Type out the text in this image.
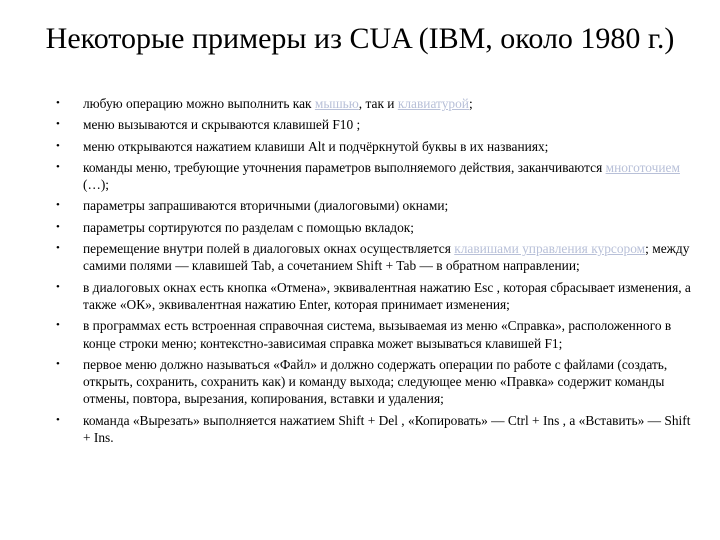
Некоторые примеры из CUA (IBM, около 1980 г.)
• любую операцию можно выполнить как мышью, так и клавиатурой;
• меню вызываются и скрываются клавишей F10 ;
• меню открываются нажатием клавиши Alt и подчёркнутой буквы в их названиях;
• команды меню, требующие уточнения параметров выполняемого действия, заканчиваются многоточием (…);
• параметры запрашиваются вторичными (диалоговыми) окнами;
• параметры сортируются по разделам с помощью вкладок;
• перемещение внутри полей в диалоговых окнах осуществляется клавишами управления курсором; между самими полями — клавишей Tab, а сочетанием Shift + Tab — в обратном направлении;
• в диалоговых окнах есть кнопка «Отмена», эквивалентная нажатию Esc , которая сбрасывает изменения, а также «ОК», эквивалентная нажатию Enter, которая принимает изменения;
• в программах есть встроенная справочная система, вызываемая из меню «Справка», расположенного в конце строки меню; контекстно-зависимая справка может вызываться клавишей F1;
• первое меню должно называться «Файл» и должно содержать операции по работе с файлами (создать, открыть, сохранить, сохранить как) и команду выхода; следующее меню «Правка» содержит команды отмены, повтора, вырезания, копирования, вставки и удаления;
• команда «Вырезать» выполняется нажатием Shift + Del , «Копировать» — Ctrl + Ins , а «Вставить» — Shift + Ins.
